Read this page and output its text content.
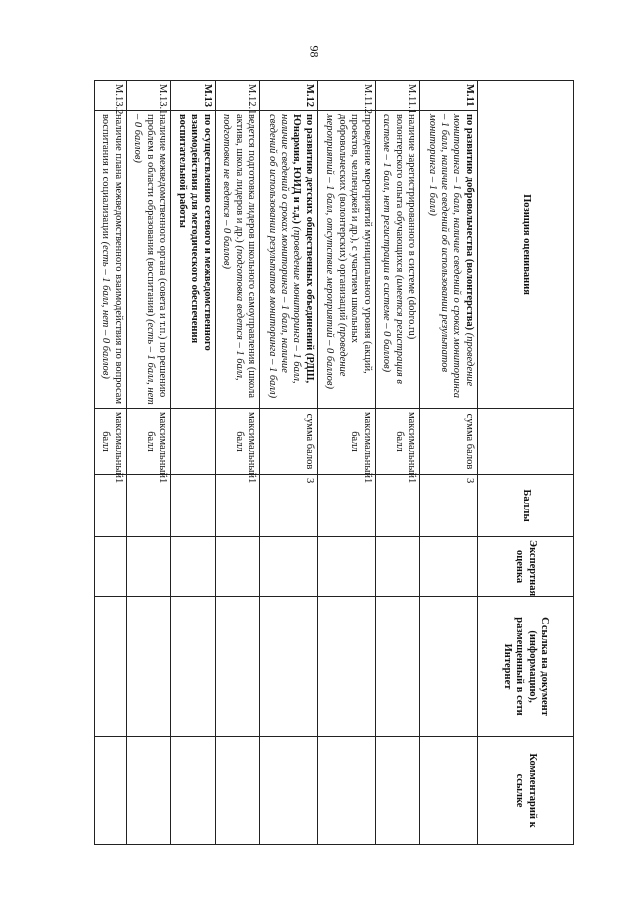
98
Позиция оценивания			Баллы	Экспертная оценка	Ссылка на документ (информацию), размещенный в сети Интернет	Комментарий к ссылке
М.11	по развитию добровольчества (волонтерства) (проведение мониторинга – 1 балл, наличие сведений о сроках мониторинга – 1 балл, наличие сведений об использовании результатов мониторинга – 1 балл)	сумма балов	3			
М.11.1	наличие зарегистрированного в системе (dobro.ru) волонтерского опыта обучающихся (имеется регистрация в системе – 1 балл, нет регистрации в системе – 0 баллов)	максимальный балл	1			
М.11.2	проведение мероприятий муниципального уровня (акций, проектов, челленджей и др.), с участием школьных добровольческих (волонтерских) организаций (проведение мероприятий – 1 балл, отсутствие мероприятий – 0 баллов)	максимальный балл	1			
М.12	по развитию детских общественных объединений (РДШ, Юнармия, ЮИД и т.д.) (проведение мониторинга – 1 балл, наличие сведений о сроках мониторинга – 1 балл, наличие сведений об использовании результатов мониторинга – 1 балл)	сумма балов	3			
М.12.1	ведется подготовка лидеров школьного самоуправления (школа актива, школа лидеров и др.) (подготовка ведется – 1 балл, подготовка не ведется – 0 баллов)	максимальный балл	1			
М.13	по осуществлению сетевого и межведомственного взаимодействия для методического обеспечения воспитательной работы					
М.13.1	наличие межведомственного органа (совета и т.п.) по решению проблем в области образования (воспитания) (есть – 1 балл, нет – 0 баллов)	максимальный балл	1			
М.13.2	наличие плана межведомственного взаимодействия по вопросам воспитания и социализации (есть – 1 балл, нет – 0 баллов)	максимальный балл	1			
